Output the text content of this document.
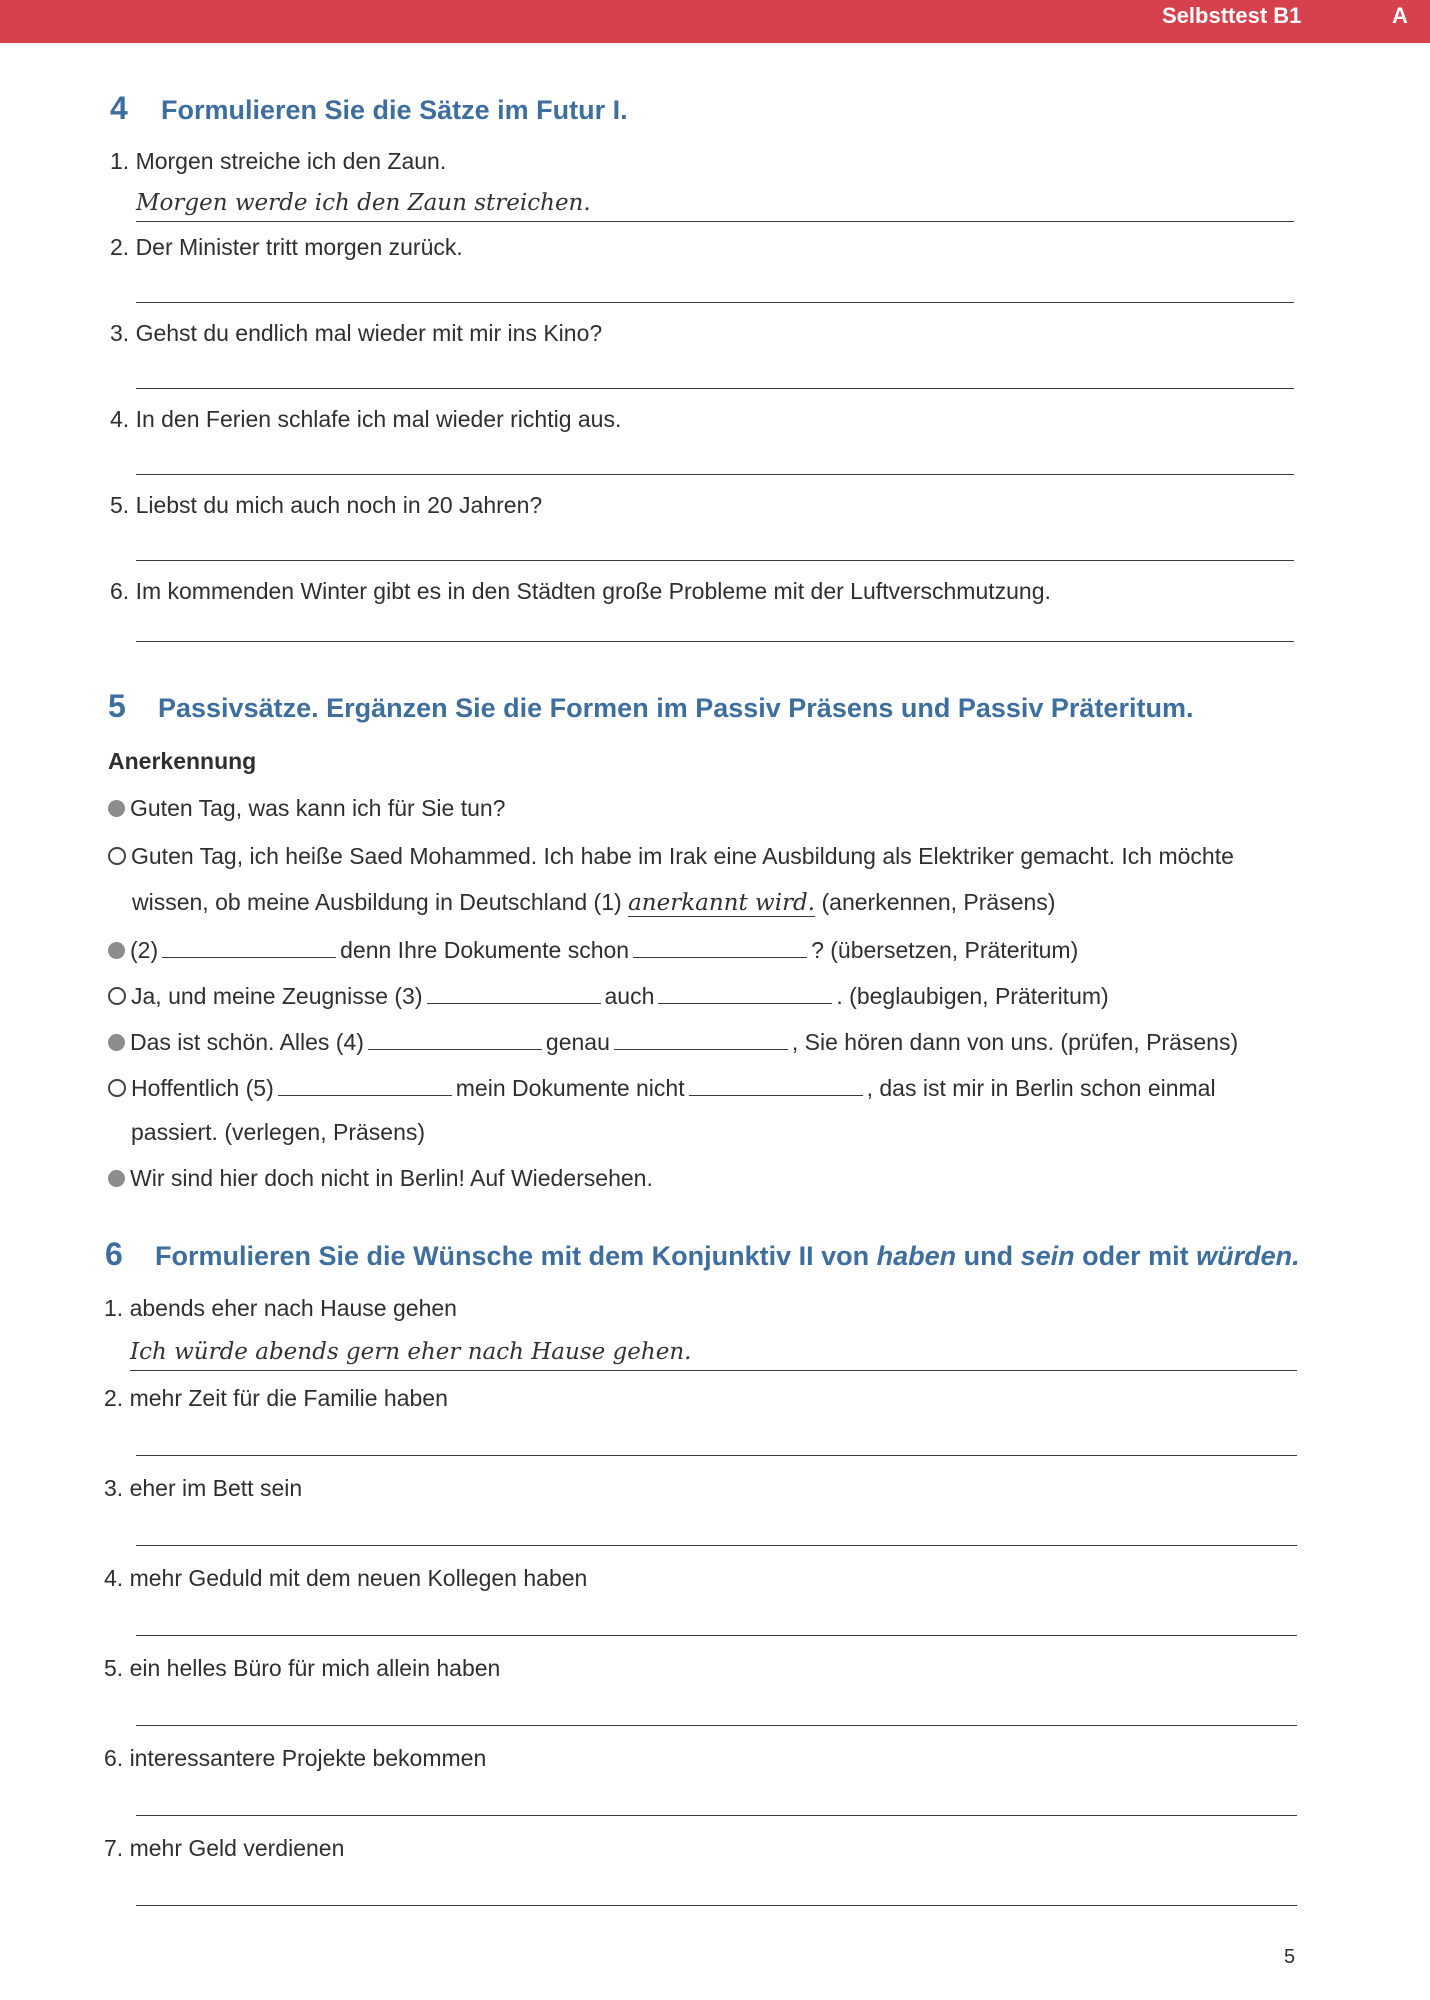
Selbsttest B1	A
4 Formulieren Sie die Sätze im Futur I.
1. Morgen streiche ich den Zaun.
Morgen werde ich den Zaun streichen.
2. Der Minister tritt morgen zurück.
3. Gehst du endlich mal wieder mit mir ins Kino?
4. In den Ferien schlafe ich mal wieder richtig aus.
5. Liebst du mich auch noch in 20 Jahren?
6. Im kommenden Winter gibt es in den Städten große Probleme mit der Luftverschmutzung.
5 Passivsätze. Ergänzen Sie die Formen im Passiv Präsens und Passiv Präteritum.
Anerkennung
Guten Tag, was kann ich für Sie tun?
Guten Tag, ich heiße Saed Mohammed. Ich habe im Irak eine Ausbildung als Elektriker gemacht. Ich möchte
wissen, ob meine Ausbildung in Deutschland (1) anerkannt wird. (anerkennen, Präsens)
(2)	denn Ihre Dokumente schon	? (übersetzen, Präteritum)
Ja, und meine Zeugnisse (3)	auch	. (beglaubigen, Präteritum)
Das ist schön. Alles (4)	genau	, Sie hören dann von uns. (prüfen, Präsens)
Hoffentlich (5)	mein Dokumente nicht	, das ist mir in Berlin schon einmal
passiert. (verlegen, Präsens)
Wir sind hier doch nicht in Berlin! Auf Wiedersehen.
6 Formulieren Sie die Wünsche mit dem Konjunktiv II von haben und sein oder mit würden.
1. abends eher nach Hause gehen
Ich würde abends gern eher nach Hause gehen.
2. mehr Zeit für die Familie haben
3. eher im Bett sein
4. mehr Geduld mit dem neuen Kollegen haben
5. ein helles Büro für mich allein haben
6. interessantere Projekte bekommen
7. mehr Geld verdienen
5
